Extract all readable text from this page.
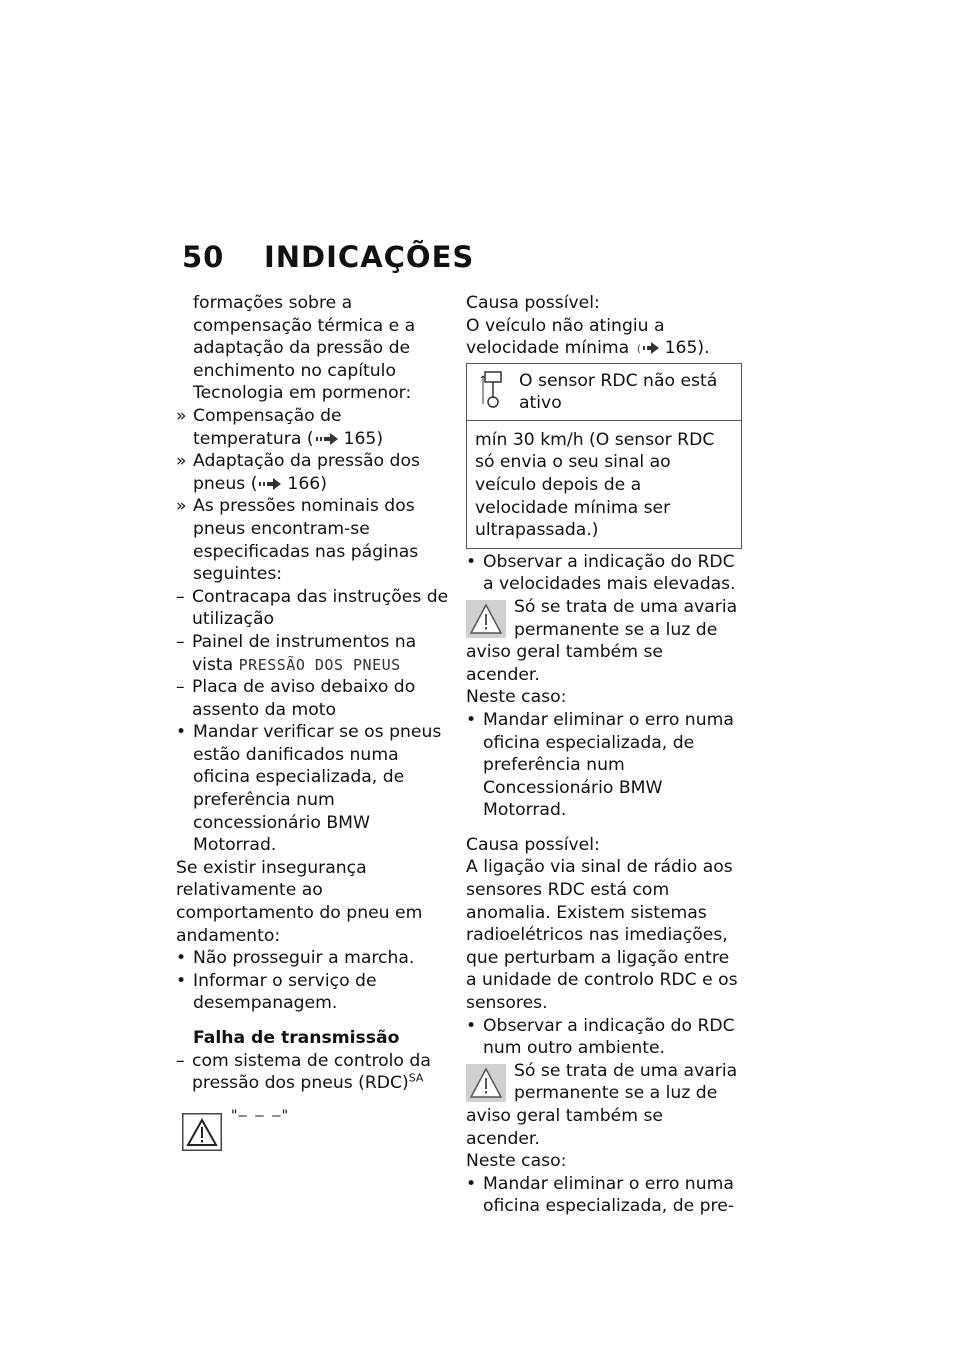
50 INDICAÇÕES

formações sobre a compensação térmica e a adaptação da pressão de enchimento no capítulo Tecnologia em pormenor:

» Compensação de temperatura ( 165)

» Adaptação da pressão dos pneus ( 166)

» As pressões nominais dos pneus encontram-se especificadas nas páginas seguintes:

– Contracapa das instruções de utilização

– Painel de instrumentos na vista PRESSÃO DOS PNEUS

– Placa de aviso debaixo do assento da moto

• Mandar verificar se os pneus estão danificados numa oficina especializada, de preferência num concessionário BMW Motorrad.

Se existir insegurança relativamente ao comportamento do pneu em andamento:

• Não prosseguir a marcha.

• Informar o serviço de desempanagem.

Falha de transmissão

– com sistema de controlo da pressão dos pneus (RDC)$^{SA}$

"– – –"

Causa possível:

O veículo não atingiu a velocidade mínima ( 165).

O sensor RDC não está ativo
mín 30 km/h (O sensor RDC só envia o seu sinal ao veículo depois de a velocidade mínima ser ultrapassada.)

• Observar a indicação do RDC a velocidades mais elevadas.

Só se trata de uma avaria permanente se a luz de aviso geral também se acender.

Neste caso:

• Mandar eliminar o erro numa oficina especializada, de preferência num Concessionário BMW Motorrad.

Causa possível:

A ligação via sinal de rádio aos sensores RDC está com anomalia. Existem sistemas radioelétricos nas imediações, que perturbam a ligação entre a unidade de controlo RDC e os sensores.

• Observar a indicação do RDC num outro ambiente.

Só se trata de uma avaria permanente se a luz de aviso geral também se acender.

Neste caso:

• Mandar eliminar o erro numa oficina especializada, de pre-
